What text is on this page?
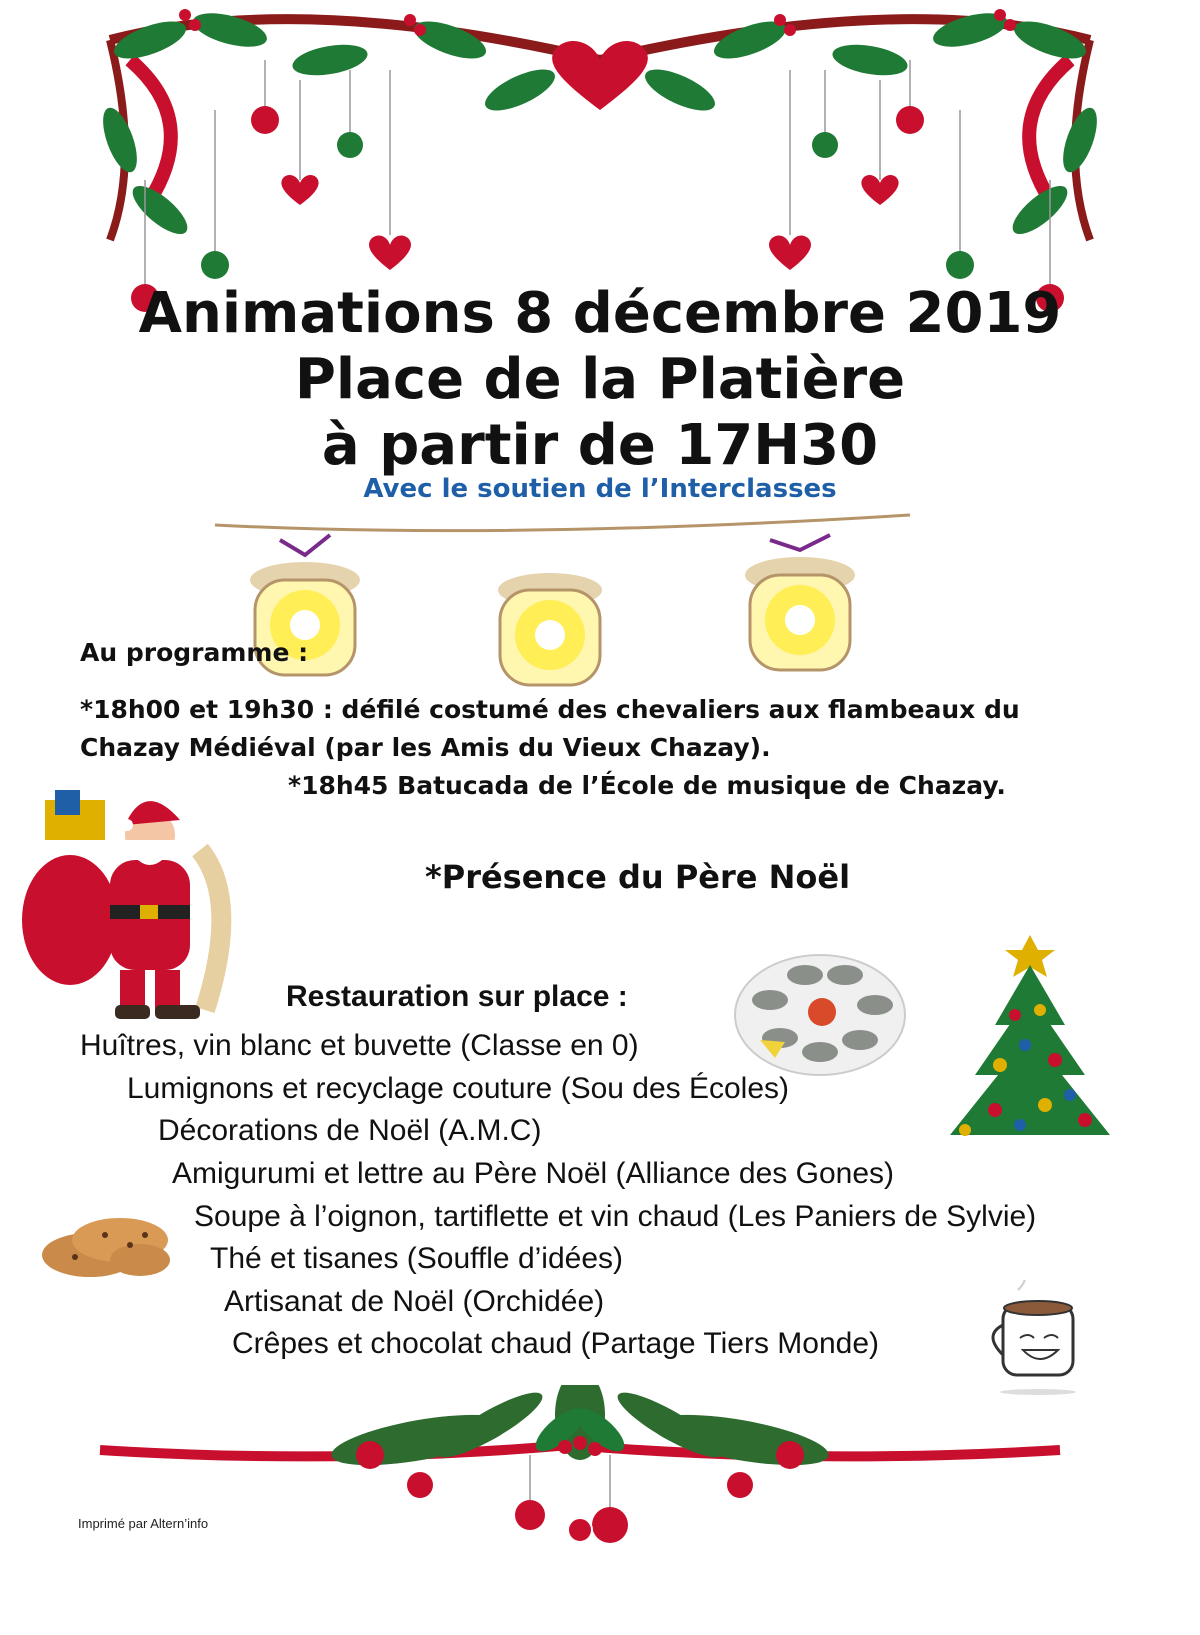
Animations 8 décembre 2019
Place de la Platière
à partir de 17H30
Avec le soutien de l’Interclasses
Au programme :
*18h00 et 19h30 : défilé costumé des chevaliers aux flambeaux du
Chazay Médiéval (par les Amis du Vieux Chazay).
*18h45 Batucada de l’École de musique de Chazay.
*Présence du Père Noël
Restauration sur place :
Huîtres, vin blanc et buvette (Classe en 0)
Lumignons et recyclage couture (Sou des Écoles)
Décorations de Noël (A.M.C)
Amigurumi et lettre au Père Noël (Alliance des Gones)
Soupe à l’oignon, tartiflette et vin chaud (Les Paniers de Sylvie)
Thé et tisanes (Souffle d’idées)
Artisanat de Noël (Orchidée)
Crêpes et chocolat chaud (Partage Tiers Monde)
Imprimé par Altern’info
